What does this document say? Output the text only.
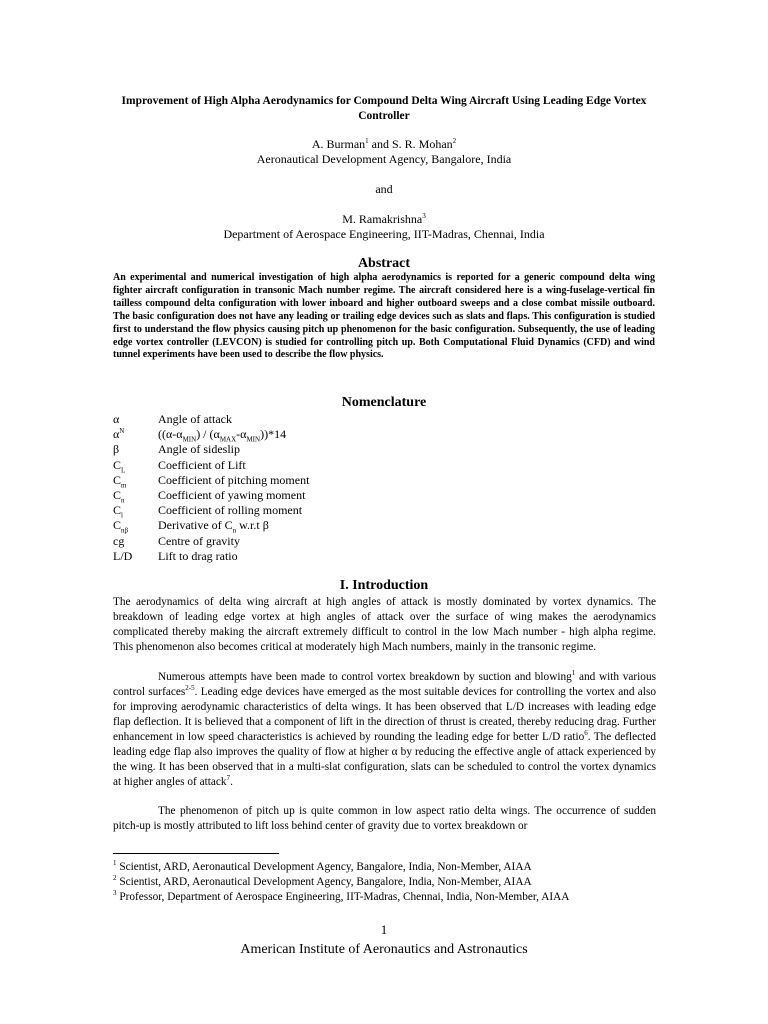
Improvement of High Alpha Aerodynamics for Compound Delta Wing Aircraft Using Leading Edge Vortex Controller
A. Burman$^1$ and S. R. Mohan$^2$
Aeronautical Development Agency, Bangalore, India
and
M. Ramakrishna$^3$
Department of Aerospace Engineering, IIT-Madras, Chennai, India
Abstract
An experimental and numerical investigation of high alpha aerodynamics is reported for a generic compound delta wing fighter aircraft configuration in transonic Mach number regime. The aircraft considered here is a wing-fuselage-vertical fin tailless compound delta configuration with lower inboard and higher outboard sweeps and a close combat missile outboard. The basic configuration does not have any leading or trailing edge devices such as slats and flaps. This configuration is studied first to understand the flow physics causing pitch up phenomenon for the basic configuration. Subsequently, the use of leading edge vortex controller (LEVCON) is studied for controlling pitch up. Both Computational Fluid Dynamics (CFD) and wind tunnel experiments have been used to describe the flow physics.
Nomenclature
α	Angle of attack
$\alpha^N$	$((\alpha-\alpha_{MIN}) / (\alpha_{MAX}-\alpha_{MIN}))*14$
β	Angle of sideslip
$C_L$	Coefficient of Lift
$C_m$	Coefficient of pitching moment
$C_n$	Coefficient of yawing moment
$C_l$	Coefficient of rolling moment
$C_{n\beta}$ Derivative of $C_n$ w.r.t β
cg	Centre of gravity
L/D Lift to drag ratio
I. Introduction

The aerodynamics of delta wing aircraft at high angles of attack is mostly dominated by vortex dynamics. The breakdown of leading edge vortex at high angles of attack over the surface of wing makes the aerodynamics complicated thereby making the aircraft extremely difficult to control in the low Mach number - high alpha regime. This phenomenon also becomes critical at moderately high Mach numbers, mainly in the transonic regime.

Numerous attempts have been made to control vortex breakdown by suction and blowing$^1$ and with various control surfaces$^{2-5}$. Leading edge devices have emerged as the most suitable devices for controlling the vortex and also for improving aerodynamic characteristics of delta wings. It has been observed that L/D increases with leading edge flap deflection. It is believed that a component of lift in the direction of thrust is created, thereby reducing drag. Further enhancement in low speed characteristics is achieved by rounding the leading edge for better L/D ratio$^6$. The deflected leading edge flap also improves the quality of flow at higher α by reducing the effective angle of attack experienced by the wing. It has been observed that in a multi-slat configuration, slats can be scheduled to control the vortex dynamics at higher angles of attack$^7$.

The phenomenon of pitch up is quite common in low aspect ratio delta wings. The occurrence of sudden pitch-up is mostly attributed to lift loss behind center of gravity due to vortex breakdown or

$^1$ Scientist, ARD, Aeronautical Development Agency, Bangalore, India, Non-Member, AIAA
$^2$ Scientist, ARD, Aeronautical Development Agency, Bangalore, India, Non-Member, AIAA
$^3$ Professor, Department of Aerospace Engineering, IIT-Madras, Chennai, India, Non-Member, AIAA
1
American Institute of Aeronautics and Astronautics
